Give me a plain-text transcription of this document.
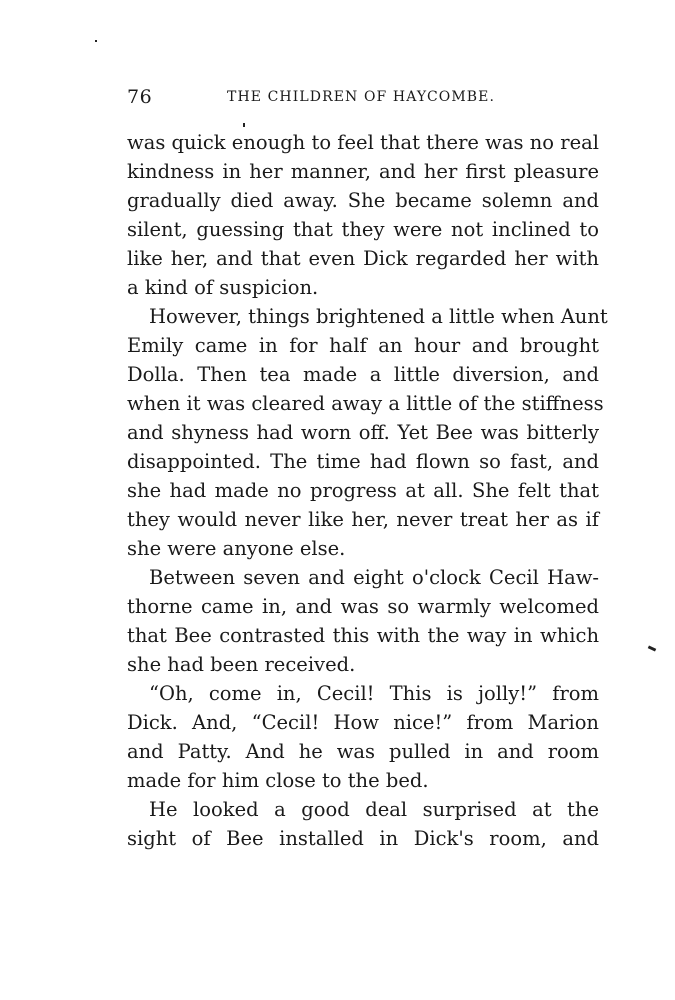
76	THE CHILDREN OF HAYCOMBE.

was quick enough to feel that there was no real
kindness in her manner, and her first pleasure
gradually died away. She became solemn and
silent, guessing that they were not inclined to
like her, and that even Dick regarded her with
a kind of suspicion.

However, things brightened a little when Aunt
Emily came in for half an hour and brought
Dolla. Then tea made a little diversion, and
when it was cleared away a little of the stiffness
and shyness had worn off. Yet Bee was bitterly
disappointed. The time had flown so fast, and
she had made no progress at all. She felt that
they would never like her, never treat her as if
she were anyone else.

Between seven and eight o'clock Cecil Haw-
thorne came in, and was so warmly welcomed
that Bee contrasted this with the way in which
she had been received.

“Oh, come in, Cecil! This is jolly!” from
Dick. And, “Cecil! How nice!” from Marion
and Patty. And he was pulled in and room
made for him close to the bed.

He looked a good deal surprised at the
sight of Bee installed in Dick's room, and
